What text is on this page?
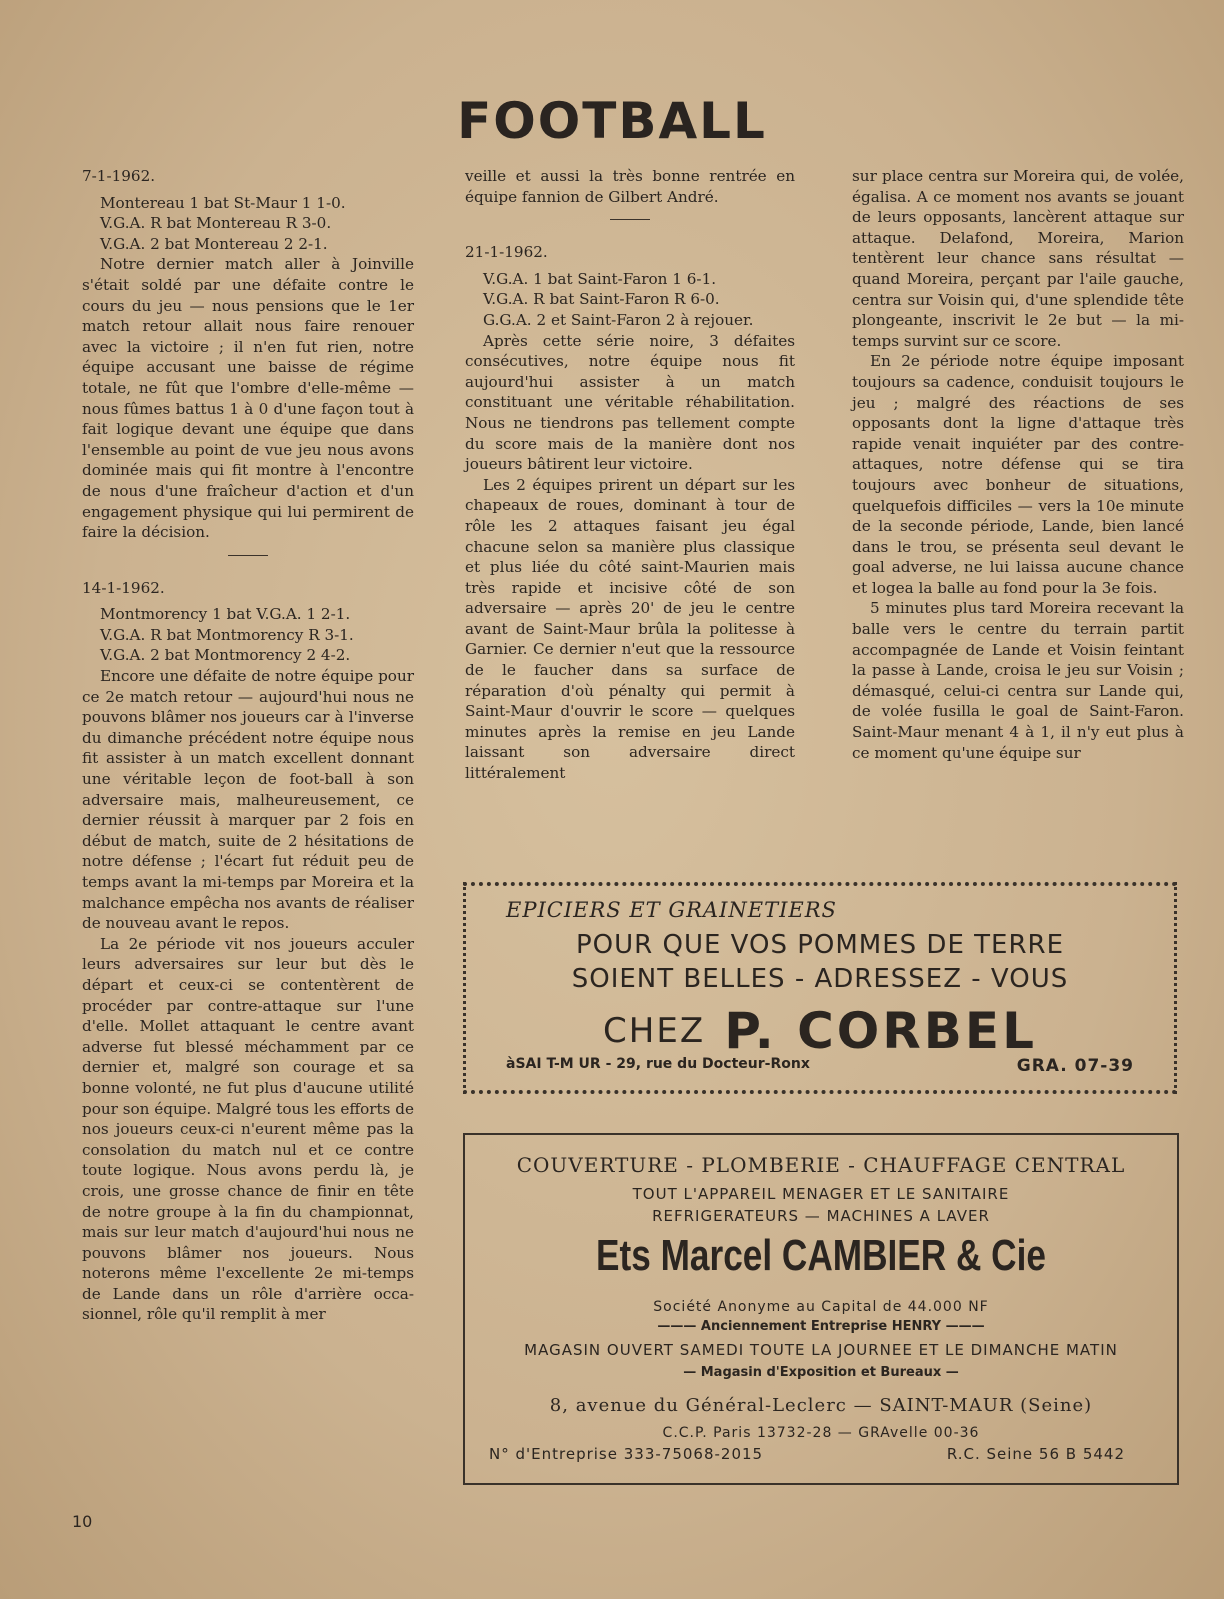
FOOTBALL

7-1-1962.

Montereau 1 bat St-Maur 1 1-0.

V.G.A. R bat Montereau R 3-0.

V.G.A. 2 bat Montereau 2 2-1.

Notre dernier match aller à Joinville s'était soldé par une défaite contre le cours du jeu — nous pensions que le 1er match retour allait nous faire renouer avec la victoire ; il n'en fut rien, notre équipe accusant une baisse de régime totale, ne fût que l'ombre d'elle-même — nous fûmes battus 1 à 0 d'une façon tout à fait logique devant une équipe que dans l'ensemble au point de vue jeu nous avons dominée mais qui fit montre à l'encontre de nous d'une fraîcheur d'action et d'un engagement physique qui lui permirent de faire la décision.

14-1-1962.

Montmorency 1 bat V.G.A. 1 2-1.

V.G.A. R bat Montmorency R 3-1.

V.G.A. 2 bat Montmorency 2 4-2.

Encore une défaite de notre équipe pour ce 2e match retour — aujourd'hui nous ne pouvons blâmer nos joueurs car à l'inverse du dimanche précédent notre équipe nous fit assister à un match excellent donnant une véritable leçon de foot-ball à son adversaire mais, malheureusement, ce dernier réussit à marquer par 2 fois en début de match, suite de 2 hésitations de notre défense ; l'écart fut réduit peu de temps avant la mi-temps par Moreira et la malchance empêcha nos avants de réaliser de nouveau avant le repos.

La 2e période vit nos joueurs acculer leurs adversaires sur leur but dès le départ et ceux-ci se contentèrent de procéder par contre-attaque sur l'une d'elle. Mollet attaquant le centre avant adverse fut blessé méchamment par ce dernier et, malgré son courage et sa bonne volonté, ne fut plus d'aucune utilité pour son équipe. Malgré tous les efforts de nos joueurs ceux-ci n'eurent même pas la consolation du match nul et ce contre toute logique. Nous avons perdu là, je crois, une grosse chance de finir en tête de notre groupe à la fin du championnat, mais sur leur match d'aujourd'hui nous ne pouvons blâmer nos joueurs. Nous noterons même l'excellente 2e mi-temps de Lande dans un rôle d'arrière occasionnel, rôle qu'il remplit à mer

veille et aussi la très bonne rentrée en équipe fannion de Gilbert André.

21-1-1962.

V.G.A. 1 bat Saint-Faron 1 6-1.

V.G.A. R bat Saint-Faron R 6-0.

G.G.A. 2 et Saint-Faron 2 à rejouer.

Après cette série noire, 3 défaites consécutives, notre équipe nous fit aujourd'hui assister à un match constituant une véritable réhabilitation. Nous ne tiendrons pas tellement compte du score mais de la manière dont nos joueurs bâtirent leur victoire.

Les 2 équipes prirent un départ sur les chapeaux de roues, dominant à tour de rôle les 2 attaques faisant jeu égal chacune selon sa manière plus classique et plus liée du côté saint-Maurien mais très rapide et incisive côté de son adversaire — après 20' de jeu le centre avant de Saint-Maur brûla la politesse à Garnier. Ce dernier n'eut que la ressource de le faucher dans sa surface de réparation d'où pénalty qui permit à Saint-Maur d'ouvrir le score — quelques minutes après la remise en jeu Lande laissant son adversaire direct littéralement

sur place centra sur Moreira qui, de volée, égalisa. A ce moment nos avants se jouant de leurs opposants, lancèrent attaque sur attaque. Delafond, Moreira, Marion tentèrent leur chance sans résultat — quand Moreira, perçant par l'aile gauche, centra sur Voisin qui, d'une splendide tête plongeante, inscrivit le 2e but — la mi-temps survint sur ce score.

En 2e période notre équipe imposant toujours sa cadence, conduisit toujours le jeu ; malgré des réactions de ses opposants dont la ligne d'attaque très rapide venait inquiéter par des contre-attaques, notre défense qui se tira toujours avec bonheur de situations, quelquefois difficiles — vers la 10e minute de la seconde période, Lande, bien lancé dans le trou, se présenta seul devant le goal adverse, ne lui laissa aucune chance et logea la balle au fond pour la 3e fois.

5 minutes plus tard Moreira recevant la balle vers le centre du terrain partit accompagnée de Lande et Voisin feintant la passe à Lande, croisa le jeu sur Voisin ; démasqué, celui-ci centra sur Lande qui, de volée fusilla le goal de Saint-Faron. Saint-Maur menant 4 à 1, il n'y eut plus à ce moment qu'une équipe sur

EPICIERS ET GRAINETIERS
POUR QUE VOS POMMES DE TERRE
SOIENT BELLES - ADRESSEZ - VOUS
CHEZ P. CORBEL
àSAI T-M UR - 29, rue du Docteur-Ronx	GRA. 07-39
COUVERTURE - PLOMBERIE - CHAUFFAGE CENTRAL
TOUT L'APPAREIL MENAGER ET LE SANITAIRE
REFRIGERATEURS — MACHINES A LAVER
Ets Marcel CAMBIER & Cie
Société Anonyme au Capital de 44.000 NF
——— Anciennement Entreprise HENRY ———
MAGASIN OUVERT SAMEDI TOUTE LA JOURNEE ET LE DIMANCHE MATIN
— Magasin d'Exposition et Bureaux —
8, avenue du Général-Leclerc — SAINT-MAUR (Seine)
C.C.P. Paris 13732-28 — GRAvelle 00-36
N° d'Entreprise 333-75068-2015	R.C. Seine 56 B 5442
10
